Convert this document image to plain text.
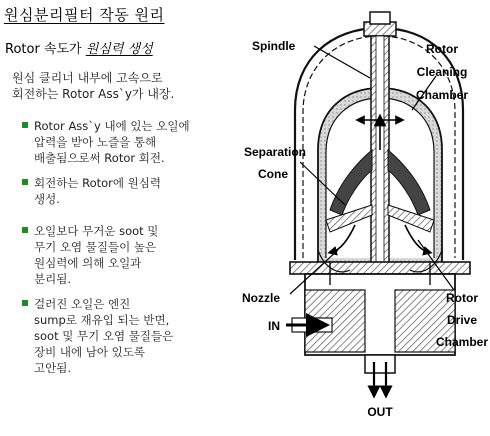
원심분리필터 작동 원리
Rotor 속도가 원심력 생성
원심 클리너 내부에 고속으로
회전하는 Rotor Ass`y가 내장.
Rotor Ass`y 내에 있는 오일에
압력을 받아 노즐을 통해
배출됨으로써 Rotor 회전.
회전하는 Rotor에 원심력
생성.
오일보다 무거운 soot 및
무기 오염 물질들이 높은
원심력에 의해 오일과
분리됨.
걸러진 오일은 엔진
sump로 재유입 되는 반면,
soot 및 무기 오염 물질들은
장비 내에 남아 있도록
고안됨.
Spindle	Rotor
Cleaning
Chamber
Separation
Cone
Nozzle
IN
Rotor
Drive
Chamber
OUT
